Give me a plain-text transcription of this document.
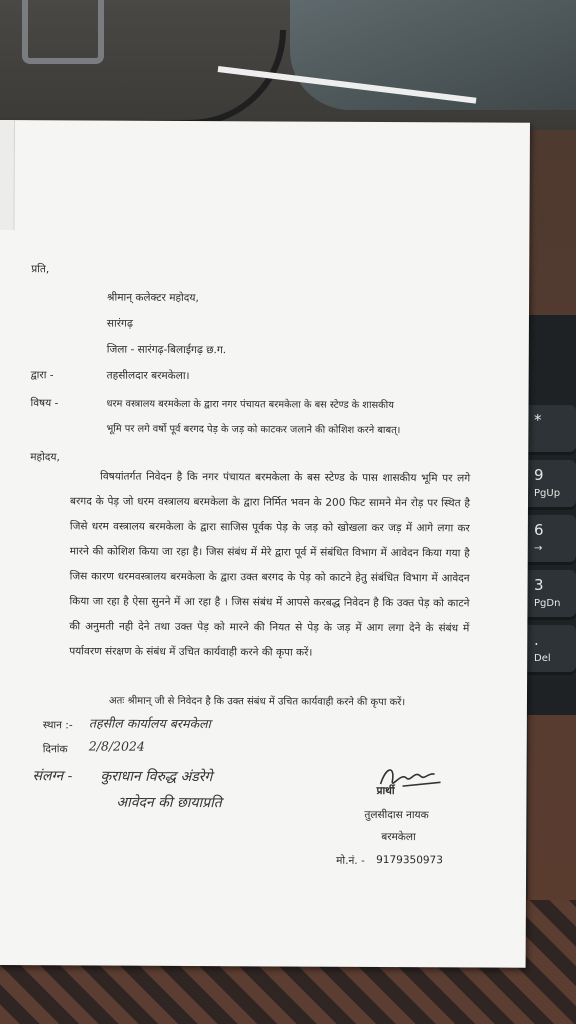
*
9
PgUp
6
→
3
PgDn
.
Del
प्रति,
श्रीमान् कलेक्टर महोदय,
सारंगढ़
जिला - सारंगढ़-बिलाईगढ़ छ.ग.
द्वारा -	तहसीलदार बरमकेला।
विषय -	धरम वस्त्रालय बरमकेला के द्वारा नगर पंचायत बरमकेला के बस स्टेण्ड के शासकीय
भूमि पर लगे वर्षो पूर्व बरगद पेड़ के जड़ को काटकर जलाने की कोशिश करने बाबत्।
महोदय,
विषयांतर्गत निवेदन है कि नगर पंचायत बरमकेला के बस स्टेण्ड के पास शासकीय भूमि पर लगे बरगद के पेड़ जो धरम वस्त्रालय बरमकेला के द्वारा निर्मित भवन के 200 फिट सामने मेन रोड़ पर स्थित है जिसे धरम वस्त्रालय बरमकेला के द्वारा साजिस पूर्वक पेड़ के जड़ को खोखला कर जड़ में आगे लगा कर मारने की कोशिश किया जा रहा है। जिस संबंध में मेरे द्वारा पूर्व में संबंधित विभाग में आवेदन किया गया है जिस कारण धरमवस्त्रालय बरमकेला के द्वारा उक्त बरगद के पेड़ को काटने हेतु संबंधित विभाग में आवेदन किया जा रहा है ऐसा सुनने में आ रहा है । जिस संबंध में आपसे करबद्ध निवेदन है कि उक्त पेड़ को काटने की अनुमती नही देने तथा उक्त पेड़ को मारने की नियत से पेड़ के जड़ में आग लगा देने के संबंध में पर्यावरण संरक्षण के संबंध में उचित कार्यवाही करने की कृपा करें।
अतः श्रीमान् जी से निवेदन है कि उक्त संबंध में उचित कार्यवाही करने की कृपा करें।
स्थान :- तहसील कार्यालय बरमकेला
दिनांक 2/8/2024
संलग्न - कुराधान विरुद्ध अंडरेगे
आवेदन की छायाप्रति
प्रार्थी
तुलसीदास नायक
बरमकेला
मो.नं. - 9179350973
